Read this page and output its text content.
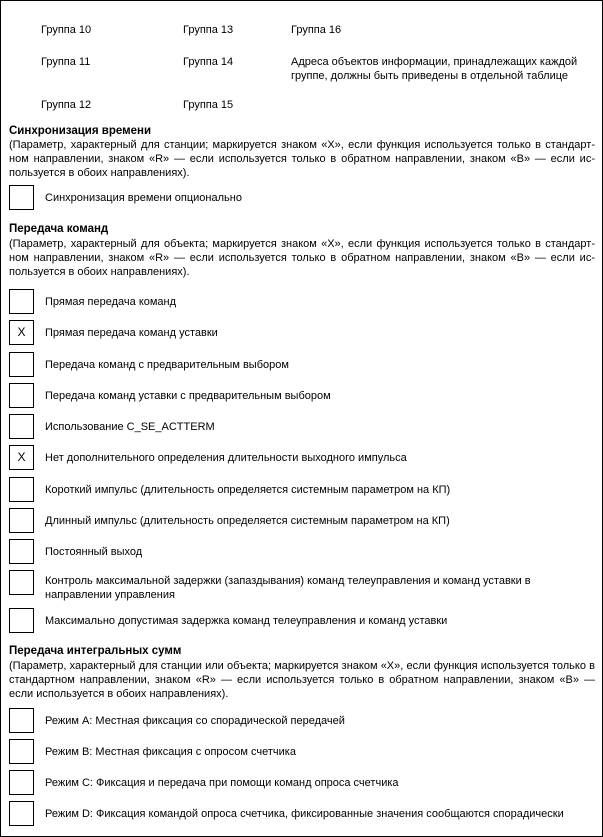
Группа 10	Группа 13	Группа 16
Группа 11	Группа 14	Адреса объектов информации, принадлежащих каждой группе, должны быть приведены в отдельной таблице
Группа 12	Группа 15
Синхронизация времени
(Параметр, характерный для станции; маркируется знаком «X», если функция используется только в стандарт-ном направлении, знаком «R» — если используется только в обратном направлении, знаком «B» — если ис-пользуется в обоих направлениях).
Синхронизация времени опционально
Передача команд
(Параметр, характерный для объекта; маркируется знаком «X», если функция используется только в стандарт-ном направлении, знаком «R» — если используется только в обратном направлении, знаком «B» — если ис-пользуется в обоих направлениях).
Прямая передача команд
X	Прямая передача команд уставки
Передача команд с предварительным выбором
Передача команд уставки с предварительным выбором
Использование C_SE_ACTTERM
X	Нет дополнительного определения длительности выходного импульса
Короткий импульс (длительность определяется системным параметром на КП)
Длинный импульс (длительность определяется системным параметром на КП)
Постоянный выход
Контроль максимальной задержки (запаздывания) команд телеуправления и команд уставки в направлении управления
Максимально допустимая задержка команд телеуправления и команд уставки
Передача интегральных сумм
(Параметр, характерный для станции или объекта; маркируется знаком «X», если функция используется только в стандартном направлении, знаком «R» — если используется только в обратном направлении, знаком «B» — если используется в обоих направлениях).
Режим А: Местная фиксация со спорадической передачей
Режим B: Местная фиксация с опросом счетчика
Режим C: Фиксация и передача при помощи команд опроса счетчика
Режим D: Фиксация командой опроса счетчика, фиксированные значения сообщаются спорадически
